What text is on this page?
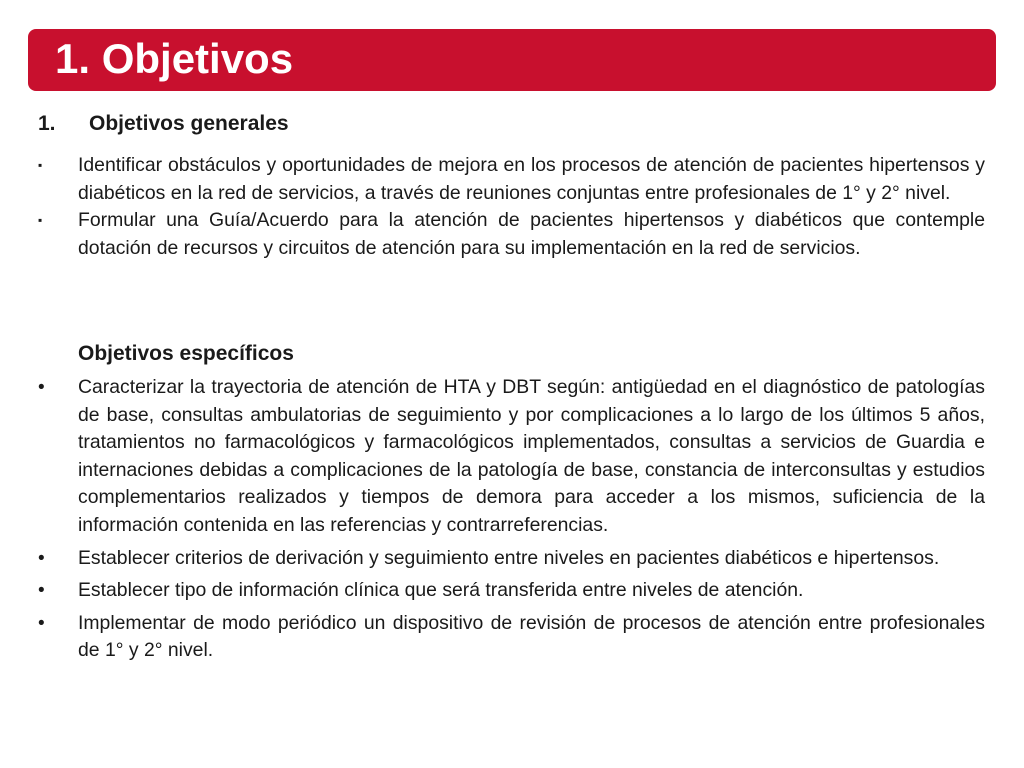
1. Objetivos
1. Objetivos generales
▪	Identificar obstáculos y oportunidades de mejora en los procesos de atención de pacientes hipertensos y diabéticos en la red de servicios, a través de reuniones conjuntas entre profesionales de 1° y 2° nivel.
▪	Formular una Guía/Acuerdo para la atención de pacientes hipertensos y diabéticos que contemple dotación de recursos y circuitos de atención para su implementación en la red de servicios.
Objetivos específicos
•	Caracterizar la trayectoria de atención de HTA y DBT según: antigüedad en el diagnóstico de patologías de base, consultas ambulatorias de seguimiento y por complicaciones a lo largo de los últimos 5 años, tratamientos no farmacológicos y farmacológicos implementados, consultas a servicios de Guardia e internaciones debidas a complicaciones de la patología de base, constancia de interconsultas y estudios complementarios realizados y tiempos de demora para acceder a los mismos, suficiencia de la información contenida en las referencias y contrarreferencias.
•	Establecer criterios de derivación y seguimiento entre niveles en pacientes diabéticos e hipertensos.
•	Establecer tipo de información clínica que será transferida entre niveles de atención.
•	Implementar de modo periódico un dispositivo de revisión de procesos de atención entre profesionales de 1° y 2° nivel.
